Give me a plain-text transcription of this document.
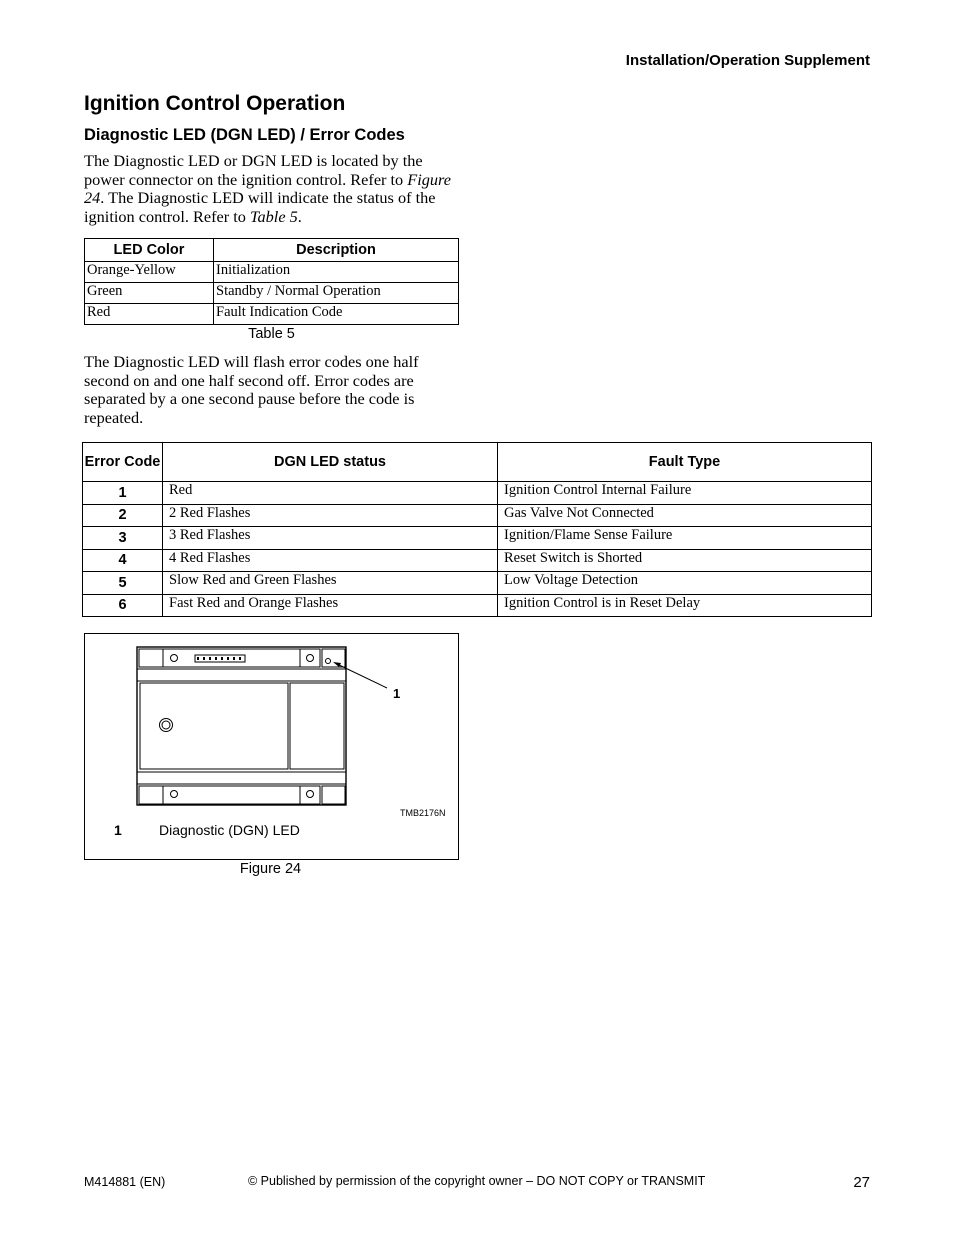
Installation/Operation Supplement
Ignition Control Operation
Diagnostic LED (DGN LED) / Error Codes
The Diagnostic LED or DGN LED is located by the power connector on the ignition control. Refer to Figure 24. The Diagnostic LED will indicate the status of the ignition control. Refer to Table 5.
LED Color	Description
Orange-Yellow	Initialization
Green	Standby / Normal Operation
Red	Fault Indication Code
Table 5
The Diagnostic LED will flash error codes one half second on and one half second off. Error codes are separated by a one second pause before the code is repeated.
Error Code	DGN LED status	Fault Type
1	Red	Ignition Control Internal Failure
2	2 Red Flashes	Gas Valve Not Connected
3	3 Red Flashes	Ignition/Flame Sense Failure
4	4 Red Flashes	Reset Switch is Shorted
5	Slow Red and Green Flashes	Low Voltage Detection
6	Fast Red and Orange Flashes	Ignition Control is in Reset Delay
1
TMB2176N
1	Diagnostic (DGN) LED
Figure 24
M414881 (EN)	© Published by permission of the copyright owner – DO NOT COPY or TRANSMIT	27
